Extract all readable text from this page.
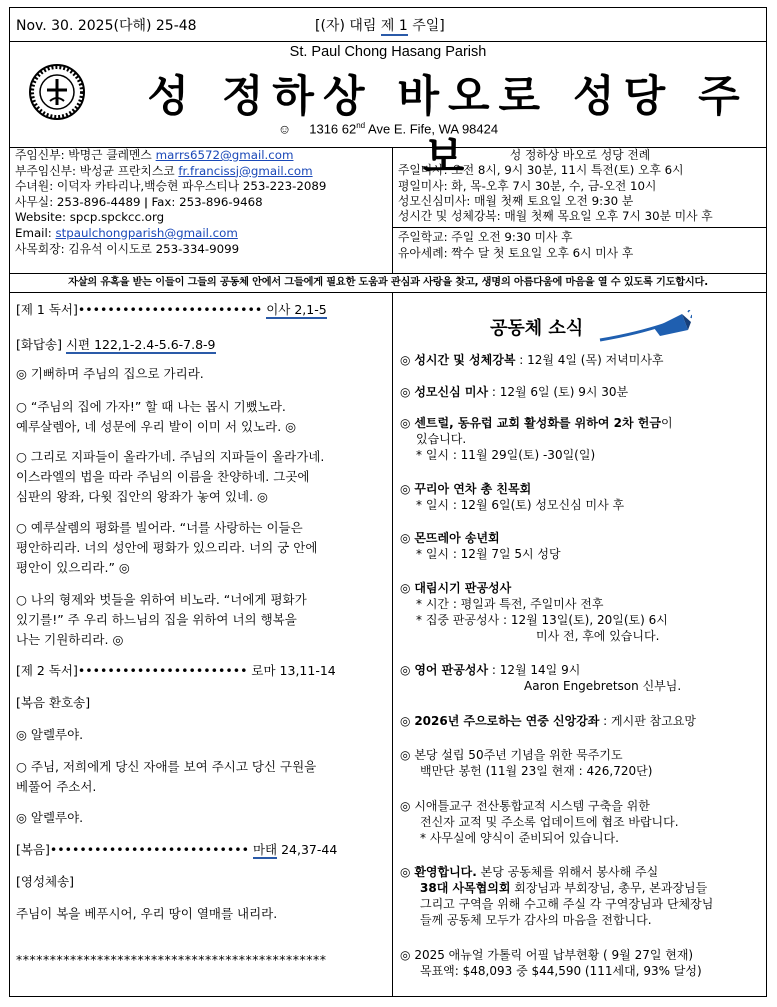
Nov. 30. 2025(다해) 25-48	[(자) 대림 제 1 주일]
St. Paul Chong Hasang Parish
성 정하상 바오로 성당 주보
☺ 1316 62nd Ave E. Fife, WA 98424
주임신부: 박명근 클레멘스 marrs6572@gmail.com
부주임신부: 박성균 프란치스코 fr.francissj@gmail.com
수녀원: 이덕자 카타리나,백승현 파우스티나 253-223-2089
사무실: 253-896-4489 ǀ Fax: 253-896-9468
Website: spcp.spckcc.org
Email: stpaulchongparish@gmail.com
사목회장: 김유석 이시도로 253-334-9099
성 정하상 바오로 성당 전례
주일미사: 오전 8시, 9시 30분, 11시 특전(토) 오후 6시
평일미사: 화, 목-오후 7시 30분, 수, 금-오전 10시
성모신심미사: 매월 첫째 토요일 오전 9:30 분
성시간 및 성체강복: 매월 첫째 목요일 오후 7시 30분 미사 후
주일학교: 주일 오전 9:30 미사 후
유아세례: 짝수 달 첫 토요일 오후 6시 미사 후
자살의 유혹을 받는 이들이 그들의 공동체 안에서 그들에게 필요한 도움과 관심과 사랑을 찾고, 생명의 아름다움에 마음을 열 수 있도록 기도합시다.
[제 1 독서]••••••••••••••••••••••••• 이사 2,1-5
[화답송] 시편 122,1-2.4-5.6-7.8-9
◎ 기뻐하며 주님의 집으로 가리라.
○ “주님의 집에 가자!” 할 때 나는 몹시 기뻤노라.
예루살렘아, 네 성문에 우리 발이 이미 서 있노라. ◎
○ 그리로 지파들이 올라가네. 주님의 지파들이 올라가네.
이스라엘의 법을 따라 주님의 이름을 찬양하네. 그곳에
심판의 왕좌, 다윗 집안의 왕좌가 놓여 있네. ◎
○ 예루살렘의 평화를 빌어라. “너를 사랑하는 이들은
평안하리라. 너의 성안에 평화가 있으리라. 너의 궁 안에
평안이 있으리라.” ◎
○ 나의 형제와 벗들을 위하여 비노라. “너에게 평화가
있기를!” 주 우리 하느님의 집을 위하여 너의 행복을
나는 기원하리라. ◎
[제 2 독서]••••••••••••••••••••••• 로마 13,11-14
[복음 환호송]
◎ 알렐루야.
○ 주님, 저희에게 당신 자애를 보여 주시고 당신 구원을
베풀어 주소서.
◎ 알렐루야.
[복음]••••••••••••••••••••••••••• 마태 24,37-44
[영성체송]
주님이 복을 베푸시어, 우리 땅이 열매를 내리라.
**********************************************
공동체 소식
◎ 성시간 및 성체강복 : 12월 4일 (목) 저녁미사후
◎ 성모신심 미사 : 12월 6일 (토) 9시 30분
◎ 센트럴, 동유럽 교회 활성화를 위하여 2차 헌금이
있습니다.
* 일시 : 11월 29일(토) -30일(일)
◎ 꾸리아 연차 총 친목회
* 일시 : 12월 6일(토) 성모신심 미사 후
◎ 몬뜨레아 송년회
* 일시 : 12월 7일 5시 성당
◎ 대림시기 판공성사
* 시간 : 평일과 특전, 주일미사 전후
* 집중 판공성사 : 12월 13일(토), 20일(토) 6시
미사 전, 후에 있습니다.
◎ 영어 판공성사 : 12월 14일 9시
Aaron Engebretson 신부님.
◎ 2026년 주으로하는 연중 신앙강좌 : 게시판 참고요망
◎ 본당 설립 50주년 기념을 위한 묵주기도
백만단 봉헌 (11월 23일 현재 : 426,720단)
◎ 시애틀교구 전산통합교적 시스템 구축을 위한
전신자 교적 및 주소록 업데이트에 협조 바랍니다.
* 사무실에 양식이 준비되어 있습니다.
◎ 환영합니다. 본당 공동체를 위해서 봉사해 주실
38대 사목협의회 회장님과 부회장님, 총무, 본과장님들
그리고 구역을 위해 수고해 주실 각 구역장님과 단체장님
들께 공동체 모두가 감사의 마음을 전합니다.
◎ 2025 애뉴얼 가톨릭 어필 납부현황 ( 9월 27일 현재)
목표액: $48,093 중 $44,590 (111세대, 93% 달성)
